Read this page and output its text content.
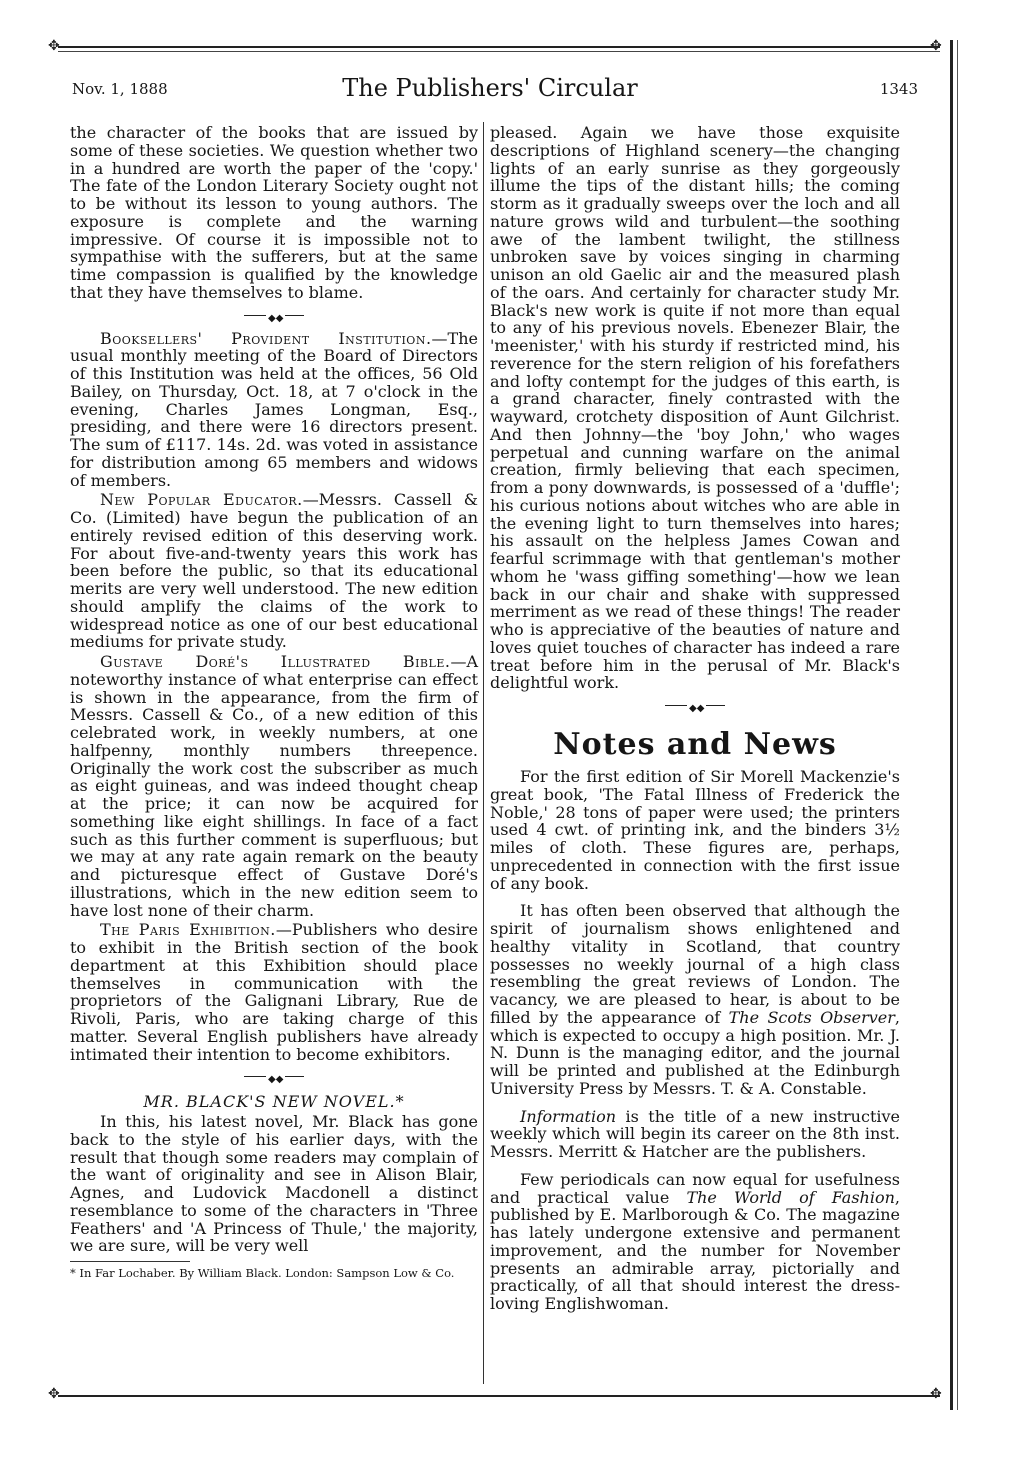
✥	✥
✥	✥
Nov. 1, 1888	The Publishers' Circular	1343

the character of the books that are issued by some of these societies. We question whether two in a hundred are worth the paper of the 'copy.' The fate of the London Literary Society ought not to be without its lesson to young authors. The exposure is complete and the warning impressive. Of course it is impossible not to sympathise with the sufferers, but at the same time compassion is qualified by the knowledge that they have themselves to blame.

◆◆

Booksellers' Provident Institution.—The usual monthly meeting of the Board of Directors of this Institution was held at the offices, 56 Old Bailey, on Thursday, Oct. 18, at 7 o'clock in the evening, Charles James Longman, Esq., presiding, and there were 16 directors present. The sum of £117. 14s. 2d. was voted in assistance for distribution among 65 members and widows of members.

New Popular Educator.—Messrs. Cassell & Co. (Limited) have begun the publication of an entirely revised edition of this deserving work. For about five-and-twenty years this work has been before the public, so that its educational merits are very well understood. The new edition should amplify the claims of the work to widespread notice as one of our best educational mediums for private study.

Gustave Doré's Illustrated Bible.—A noteworthy instance of what enterprise can effect is shown in the appearance, from the firm of Messrs. Cassell & Co., of a new edition of this celebrated work, in weekly numbers, at one halfpenny, monthly numbers threepence. Originally the work cost the subscriber as much as eight guineas, and was indeed thought cheap at the price; it can now be acquired for something like eight shillings. In face of a fact such as this further comment is superfluous; but we may at any rate again remark on the beauty and picturesque effect of Gustave Doré's illustrations, which in the new edition seem to have lost none of their charm.

The Paris Exhibition.—Publishers who desire to exhibit in the British section of the book department at this Exhibition should place themselves in communication with the proprietors of the Galignani Library, Rue de Rivoli, Paris, who are taking charge of this matter. Several English publishers have already intimated their intention to become exhibitors.

◆◆

MR. BLACK'S NEW NOVEL.*

In this, his latest novel, Mr. Black has gone back to the style of his earlier days, with the result that though some readers may complain of the want of originality and see in Alison Blair, Agnes, and Ludovick Macdonell a distinct resemblance to some of the characters in 'Three Feathers' and 'A Princess of Thule,' the majority, we are sure, will be very well

* In Far Lochaber. By William Black. London: Sampson Low & Co.

pleased. Again we have those exquisite descriptions of Highland scenery—the changing lights of an early sunrise as they gorgeously illume the tips of the distant hills; the coming storm as it gradually sweeps over the loch and all nature grows wild and turbulent—the soothing awe of the lambent twilight, the stillness unbroken save by voices singing in charming unison an old Gaelic air and the measured plash of the oars. And certainly for character study Mr. Black's new work is quite if not more than equal to any of his previous novels. Ebenezer Blair, the 'meenister,' with his sturdy if restricted mind, his reverence for the stern religion of his forefathers and lofty contempt for the judges of this earth, is a grand character, finely contrasted with the wayward, crotchety disposition of Aunt Gilchrist. And then Johnny—the 'boy John,' who wages perpetual and cunning warfare on the animal creation, firmly believing that each specimen, from a pony downwards, is possessed of a 'duffle'; his curious notions about witches who are able in the evening light to turn themselves into hares; his assault on the helpless James Cowan and fearful scrimmage with that gentleman's mother whom he 'wass giffing something'—how we lean back in our chair and shake with suppressed merriment as we read of these things! The reader who is appreciative of the beauties of nature and loves quiet touches of character has indeed a rare treat before him in the perusal of Mr. Black's delightful work.

◆◆

Notes and News

For the first edition of Sir Morell Mackenzie's great book, 'The Fatal Illness of Frederick the Noble,' 28 tons of paper were used; the printers used 4 cwt. of printing ink, and the binders 3½ miles of cloth. These figures are, perhaps, unprecedented in connection with the first issue of any book.

It has often been observed that although the spirit of journalism shows enlightened and healthy vitality in Scotland, that country possesses no weekly journal of a high class resembling the great reviews of London. The vacancy, we are pleased to hear, is about to be filled by the appearance of The Scots Observer, which is expected to occupy a high position. Mr. J. N. Dunn is the managing editor, and the journal will be printed and published at the Edinburgh University Press by Messrs. T. & A. Constable.

Information is the title of a new instructive weekly which will begin its career on the 8th inst. Messrs. Merritt & Hatcher are the publishers.

Few periodicals can now equal for usefulness and practical value The World of Fashion, published by E. Marlborough & Co. The magazine has lately undergone extensive and permanent improvement, and the number for November presents an admirable array, pictorially and practically, of all that should interest the dress-loving Englishwoman.
